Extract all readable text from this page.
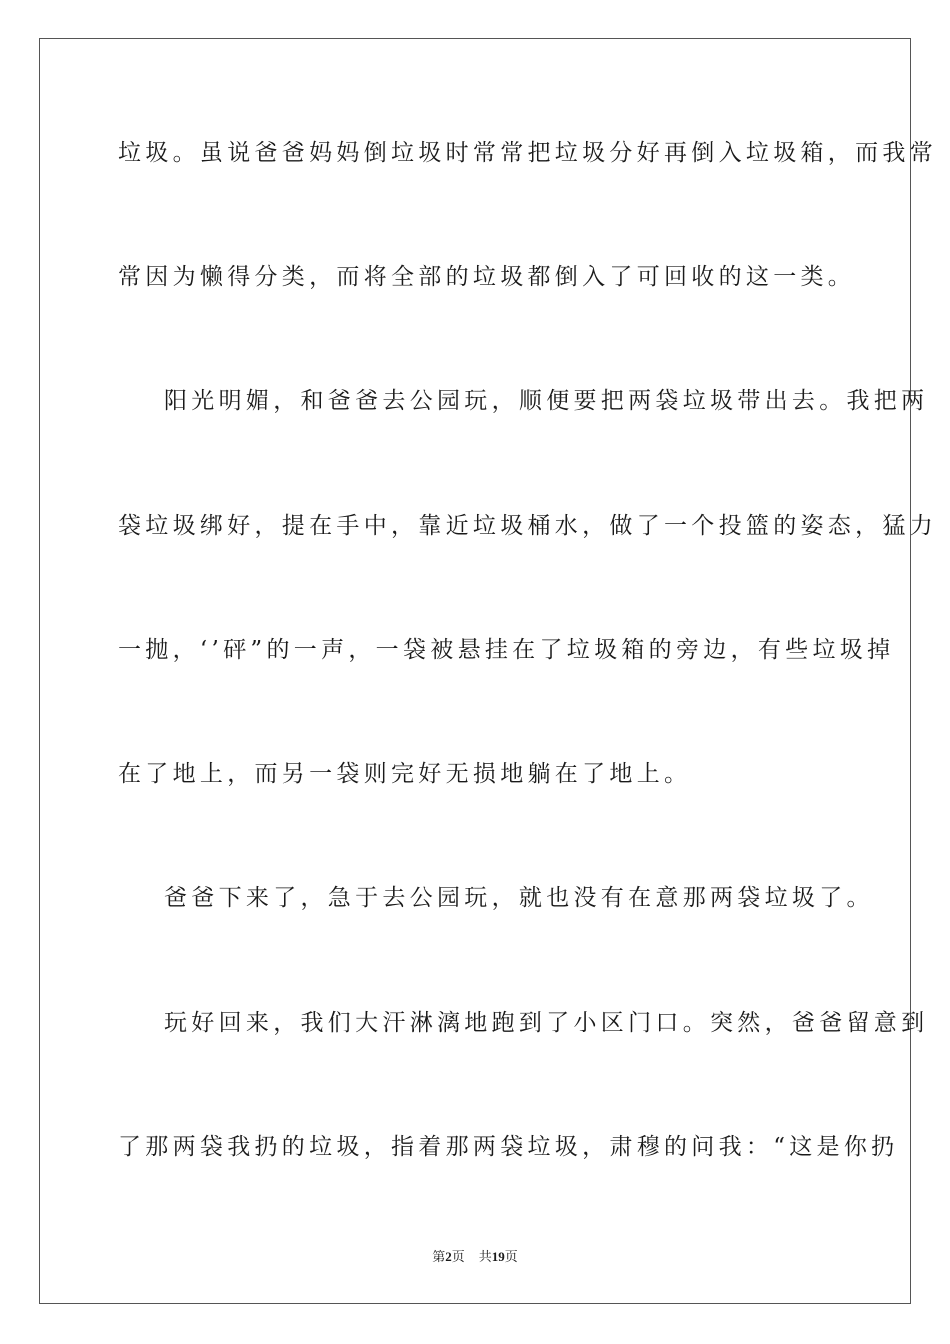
垃圾。虽说爸爸妈妈倒垃圾时常常把垃圾分好再倒入垃圾箱，而我常
常因为懒得分类，而将全部的垃圾都倒入了可回收的这一类。
阳光明媚，和爸爸去公园玩，顺便要把两袋垃圾带出去。我把两
袋垃圾绑好，提在手中，靠近垃圾桶水，做了一个投篮的姿态，猛力
一抛，‘’砰”的一声，一袋被悬挂在了垃圾箱的旁边，有些垃圾掉
在了地上，而另一袋则完好无损地躺在了地上。
爸爸下来了，急于去公园玩，就也没有在意那两袋垃圾了。
玩好回来，我们大汗淋漓地跑到了小区门口。突然，爸爸留意到
了那两袋我扔的垃圾，指着那两袋垃圾，肃穆的问我：“这是你扔
第2页 共19页
